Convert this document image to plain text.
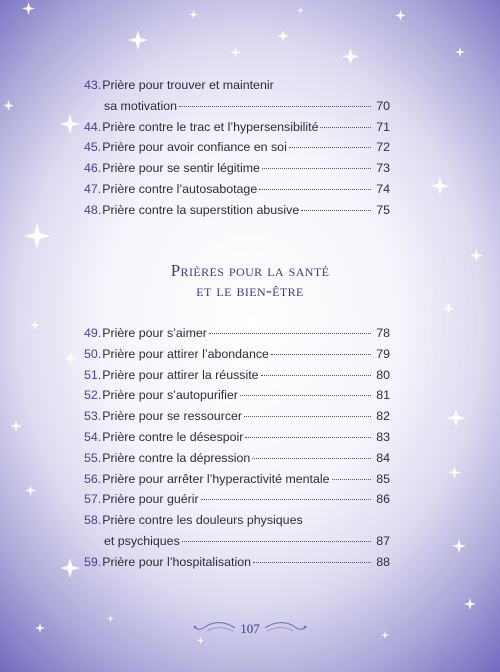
43. Prière pour trouver et maintenir
sa motivation	70
44. Prière contre le trac et l’hypersensibilité	71
45. Prière pour avoir confiance en soi	72
46. Prière pour se sentir légitime	73
47. Prière contre l’autosabotage	74
48. Prière contre la superstition abusive	75
Prières pour la santé
et le bien-être
49. Prière pour s’aimer	78
50. Prière pour attirer l’abondance	79
51. Prière pour attirer la réussite	80
52. Prière pour s’autopurifier	81
53. Prière pour se ressourcer	82
54. Prière contre le désespoir	83
55. Prière contre la dépression	84
56. Prière pour arrêter l’hyperactivité mentale	85
57. Prière pour guérir	86
58. Prière contre les douleurs physiques
et psychiques	87
59. Prière pour l’hospitalisation	88
107
